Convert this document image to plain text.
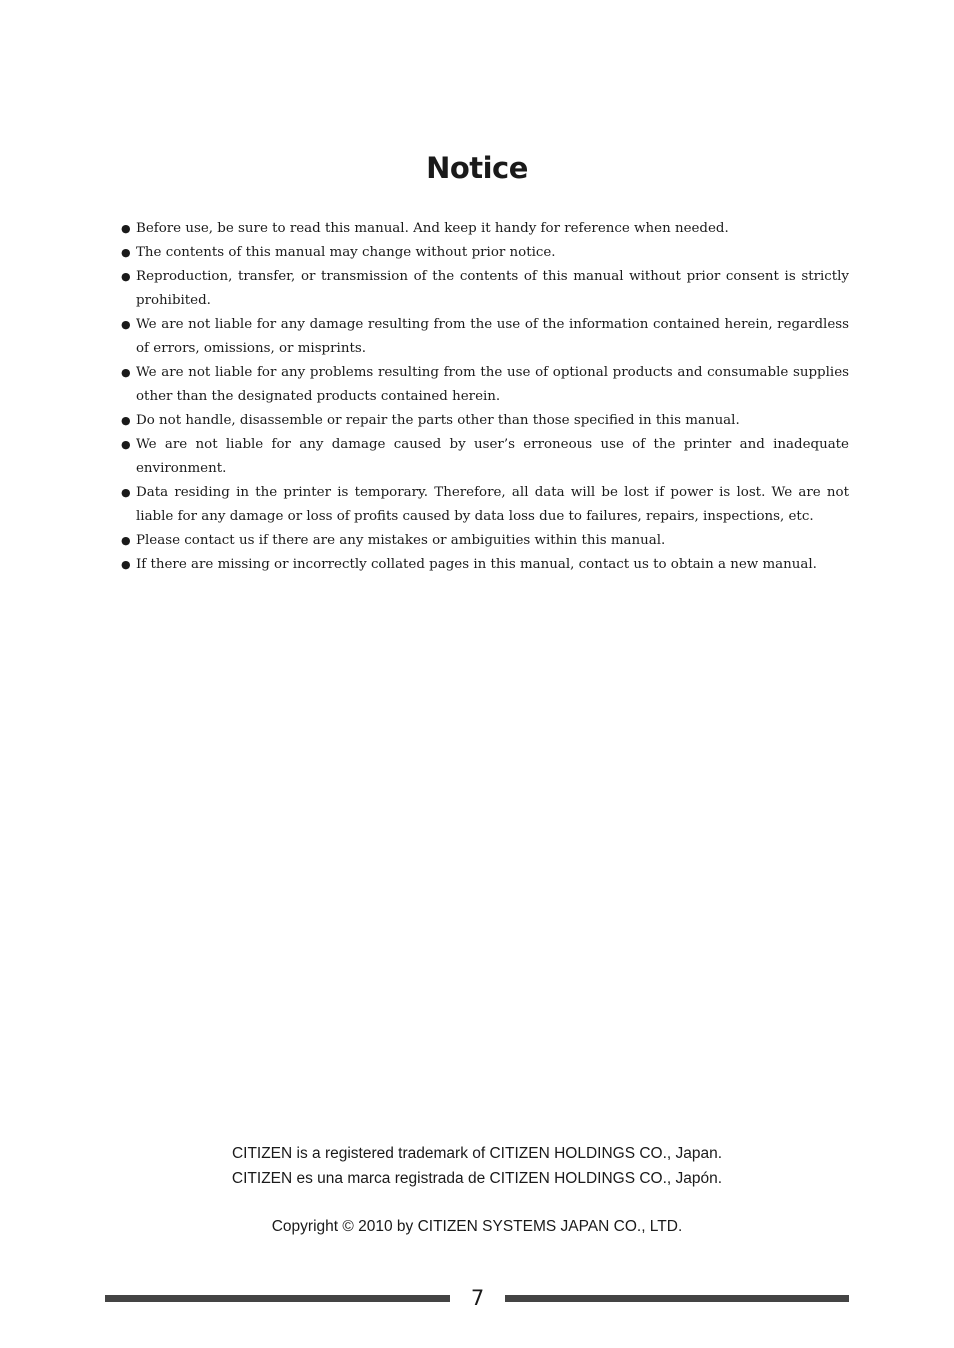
Notice
● Before use, be sure to read this manual. And keep it handy for reference when needed.
● The contents of this manual may change without prior notice.
● Reproduction, transfer, or transmission of the contents of this manual without prior consent is strictly prohibited.
● We are not liable for any damage resulting from the use of the information contained herein, regardless of errors, omissions, or misprints.
● We are not liable for any problems resulting from the use of optional products and consumable supplies other than the designated products contained herein.
● Do not handle, disassemble or repair the parts other than those specified in this manual.
● We are not liable for any damage caused by user’s erroneous use of the printer and inadequate environment.
● Data residing in the printer is temporary. Therefore, all data will be lost if power is lost. We are not liable for any damage or loss of profits caused by data loss due to failures, repairs, inspections, etc.
● Please contact us if there are any mistakes or ambiguities within this manual.
● If there are missing or incorrectly collated pages in this manual, contact us to obtain a new manual.
CITIZEN is a registered trademark of CITIZEN HOLDINGS CO., Japan.
CITIZEN es una marca registrada de CITIZEN HOLDINGS CO., Japón.
Copyright © 2010 by CITIZEN SYSTEMS JAPAN CO., LTD.
7
